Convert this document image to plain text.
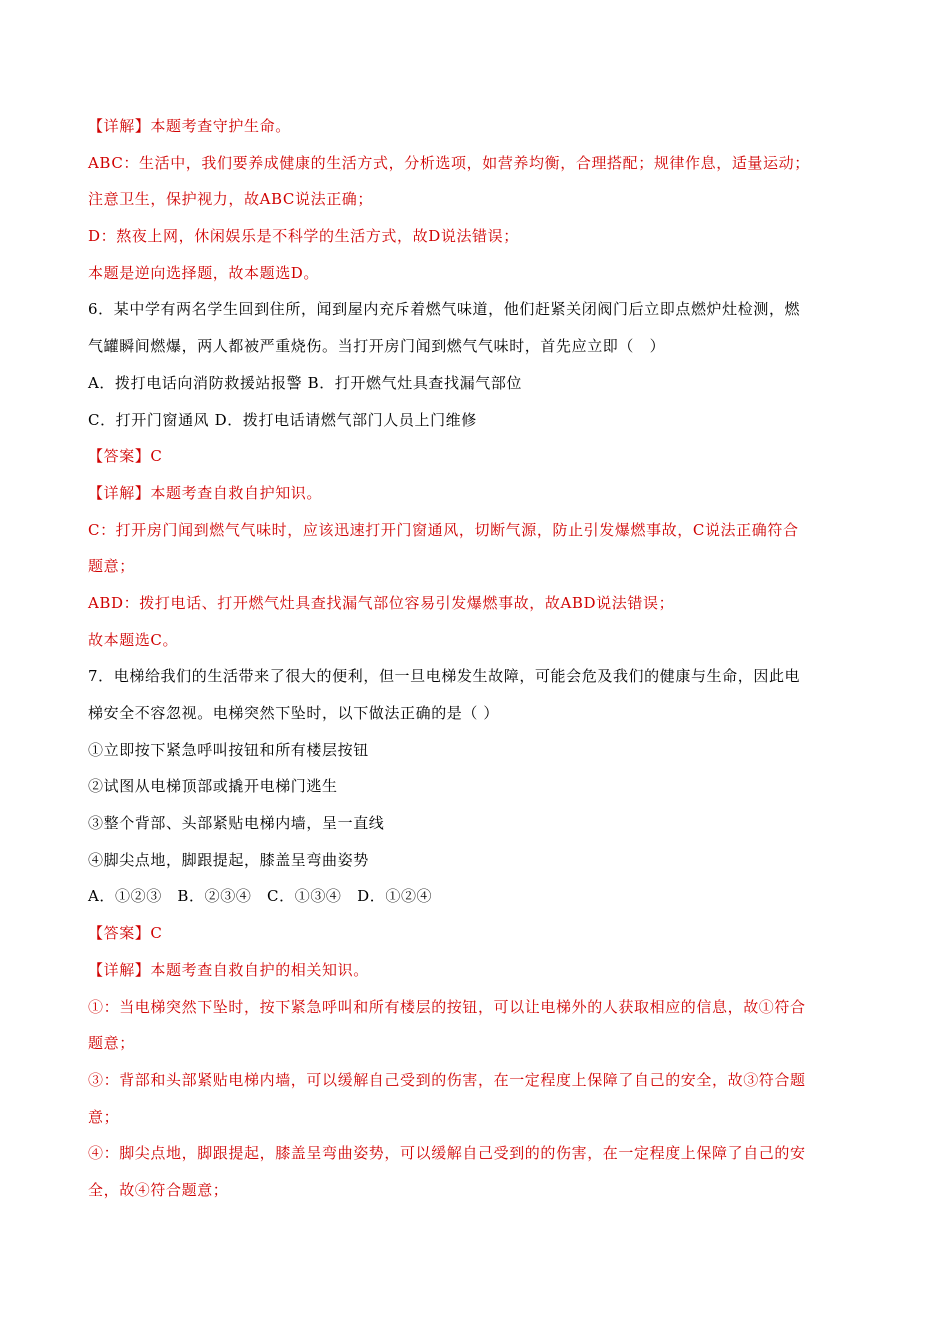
【详解】本题考查守护生命。
ABC：生活中，我们要养成健康的生活方式，分析选项，如营养均衡，合理搭配；规律作息，适量运动；
注意卫生，保护视力，故ABC说法正确；
D：熬夜上网，休闲娱乐是不科学的生活方式，故D说法错误；
本题是逆向选择题，故本题选D。
6．某中学有两名学生回到住所，闻到屋内充斥着燃气味道，他们赶紧关闭阀门后立即点燃炉灶检测，燃
气罐瞬间燃爆，两人都被严重烧伤。当打开房门闻到燃气气味时，首先应立即（　）
A．拨打电话向消防救援站报警 B．打开燃气灶具查找漏气部位
C．打开门窗通风 D．拨打电话请燃气部门人员上门维修
【答案】C
【详解】本题考查自救自护知识。
C：打开房门闻到燃气气味时，应该迅速打开门窗通风，切断气源，防止引发爆燃事故，C说法正确符合
题意；
ABD：拨打电话、打开燃气灶具查找漏气部位容易引发爆燃事故，故ABD说法错误；
故本题选C。
7．电梯给我们的生活带来了很大的便利，但一旦电梯发生故障，可能会危及我们的健康与生命，因此电
梯安全不容忽视。电梯突然下坠时，以下做法正确的是（ ）
①立即按下紧急呼叫按钮和所有楼层按钮
②试图从电梯顶部或撬开电梯门逃生
③整个背部、头部紧贴电梯内墙，呈一直线
④脚尖点地，脚跟提起，膝盖呈弯曲姿势
A．①②③　B．②③④　C．①③④　D．①②④
【答案】C
【详解】本题考查自救自护的相关知识。
①：当电梯突然下坠时，按下紧急呼叫和所有楼层的按钮，可以让电梯外的人获取相应的信息，故①符合
题意；
③：背部和头部紧贴电梯内墙，可以缓解自己受到的伤害，在一定程度上保障了自己的安全，故③符合题
意；
④：脚尖点地，脚跟提起，膝盖呈弯曲姿势，可以缓解自己受到的的伤害，在一定程度上保障了自己的安
全，故④符合题意；
